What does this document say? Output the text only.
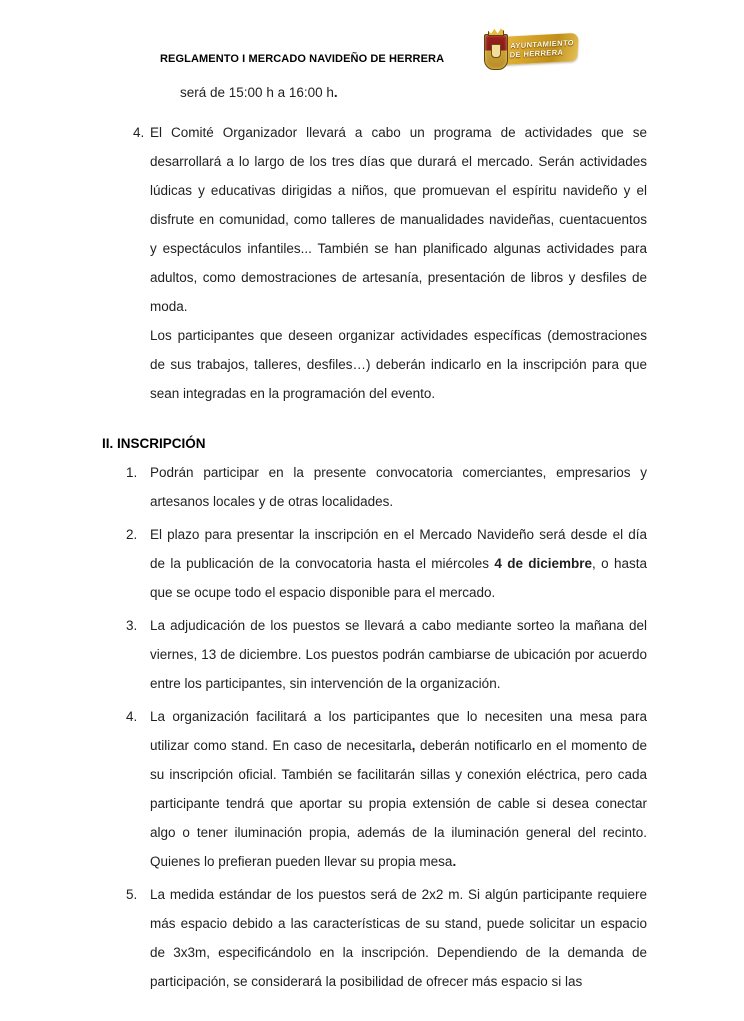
REGLAMENTO I MERCADO NAVIDEÑO DE HERRERA
AYUNTAMIENTO
DE HERRERA
será de 15:00 h a 16:00 h.
4. El Comité Organizador llevará a cabo un programa de actividades que se desarrollará a lo largo de los tres días que durará el mercado. Serán actividades lúdicas y educativas dirigidas a niños, que promuevan el espíritu navideño y el disfrute en comunidad, como talleres de manualidades navideñas, cuentacuentos y espectáculos infantiles... También se han planificado algunas actividades para adultos, como demostraciones de artesanía, presentación de libros y desfiles de moda.
Los participantes que deseen organizar actividades específicas (demostraciones de sus trabajos, talleres, desfiles…) deberán indicarlo en la inscripción para que sean integradas en la programación del evento.
II. INSCRIPCIÓN
1. Podrán participar en la presente convocatoria comerciantes, empresarios y artesanos locales y de otras localidades.
2. El plazo para presentar la inscripción en el Mercado Navideño será desde el día de la publicación de la convocatoria hasta el miércoles 4 de diciembre, o hasta que se ocupe todo el espacio disponible para el mercado.
3. La adjudicación de los puestos se llevará a cabo mediante sorteo la mañana del viernes, 13 de diciembre. Los puestos podrán cambiarse de ubicación por acuerdo entre los participantes, sin intervención de la organización.
4. La organización facilitará a los participantes que lo necesiten una mesa para utilizar como stand. En caso de necesitarla, deberán notificarlo en el momento de su inscripción oficial. También se facilitarán sillas y conexión eléctrica, pero cada participante tendrá que aportar su propia extensión de cable si desea conectar algo o tener iluminación propia, además de la iluminación general del recinto. Quienes lo prefieran pueden llevar su propia mesa.
5. La medida estándar de los puestos será de 2x2 m. Si algún participante requiere más espacio debido a las características de su stand, puede solicitar un espacio de 3x3m, especificándolo en la inscripción. Dependiendo de la demanda de participación, se considerará la posibilidad de ofrecer más espacio si las
